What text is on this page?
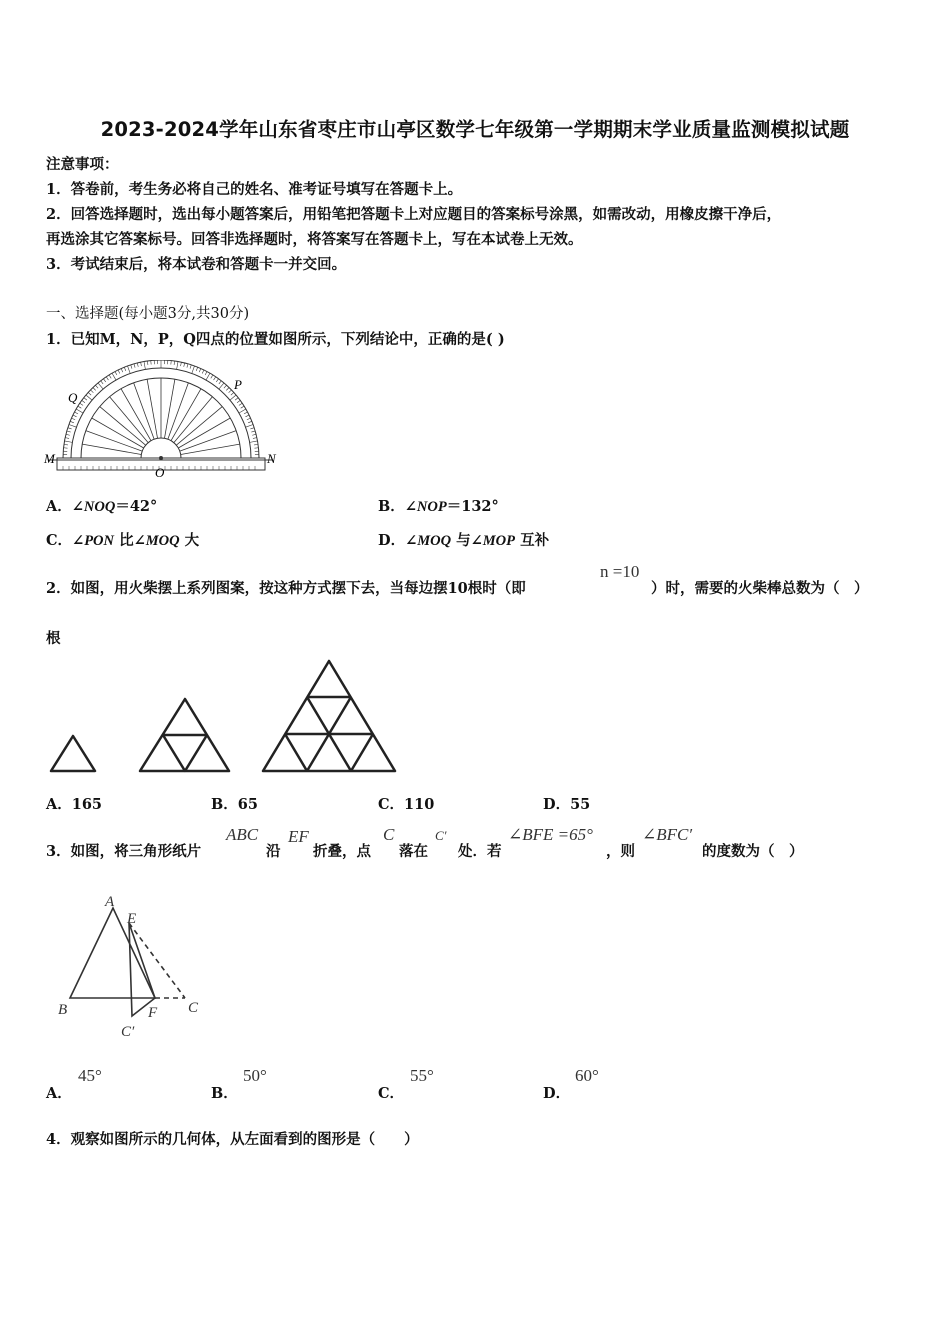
2023-2024学年山东省枣庄市山亭区数学七年级第一学期期末学业质量监测模拟试题
注意事项：
1．答卷前，考生务必将自己的姓名、准考证号填写在答题卡上。
2．回答选择题时，选出每小题答案后，用铅笔把答题卡上对应题目的答案标号涂黑，如需改动，用橡皮擦干净后，
再选涂其它答案标号。回答非选择题时，将答案写在答题卡上，写在本试卷上无效。
3．考试结束后，将本试卷和答题卡一并交回。
一、选择题(每小题3分,共30分)
1．已知M，N，P，Q四点的位置如图所示，下列结论中，正确的是( )
M	N
P
Q
O
A．∠NOQ＝42°	B．∠NOP＝132°
C．∠PON 比∠MOQ 大	D．∠MOQ 与∠MOP 互补
2．如图，用火柴摆上系列图案，按这种方式摆下去，当每边摆10根时（即
n =10
）时，需要的火柴棒总数为（　）
根
A．165	B．65	C．110	D．55
3．如图，将三角形纸片
ABC
沿
EF
折叠，点
C
落在
C′
处．若
∠BFE =65°
，则
∠BFC′
的度数为（　）
A
E
B	F C
C′
A．
45°
B．
50°
C．
55°
D．
60°
4．观察如图所示的几何体，从左面看到的图形是（　　）
